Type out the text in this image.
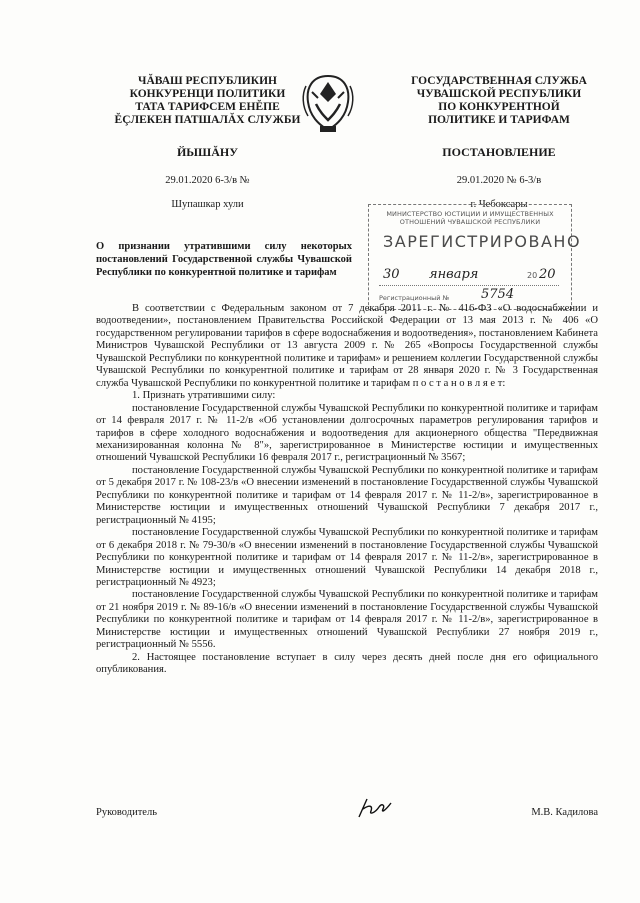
ЧĂВАШ РЕСПУБЛИКИН
КОНКУРЕНЦИ ПОЛИТИКИ
ТАТА ТАРИФСЕМ ЕНĔПЕ
ĔÇЛЕКЕН ПАТШАЛĂХ СЛУЖБИ
ЙЫШĂНУ
29.01.2020 6-3/в №
Шупашкар хули
ГОСУДАРСТВЕННАЯ СЛУЖБА
ЧУВАШСКОЙ РЕСПУБЛИКИ
ПО КОНКУРЕНТНОЙ
ПОЛИТИКЕ И ТАРИФАМ
ПОСТАНОВЛЕНИЕ
29.01.2020 № 6-3/в
г. Чебоксары
МИНИСТЕРСТВО ЮСТИЦИИ И ИМУЩЕСТВЕННЫХ ОТНОШЕНИЙ ЧУВАШСКОЙ РЕСПУБЛИКИ
ЗАРЕГИСТРИРОВАНО
30 января	20 20
Регистрационный № 5754
О признании утратившими силу некоторых постановлений Государственной службы Чувашской Республики по конкурентной политике и тарифам

В соответствии с Федеральным законом от 7 декабря 2011 г. № 416-ФЗ «О водоснабжении и водоотведении», постановлением Правительства Российской Федерации от 13 мая 2013 г. № 406 «О государственном регулировании тарифов в сфере водоснабжения и водоотведения», постановлением Кабинета Министров Чувашской Республики от 13 августа 2009 г. № 265 «Вопросы Государственной службы Чувашской Республики по конкурентной политике и тарифам» и решением коллегии Государственной службы Чувашской Республики по конкурентной политике и тарифам от 28 января 2020 г. № 3 Государственная служба Чувашской Республики по конкурентной политике и тарифам п о с т а н о в л я е т:

1. Признать утратившими силу:

постановление Государственной службы Чувашской Республики по конкурентной политике и тарифам от 14 февраля 2017 г. № 11-2/в «Об установлении долгосрочных параметров регулирования тарифов и тарифов в сфере холодного водоснабжения и водоотведения для акционерного общества "Передвижная механизированная колонна № 8"», зарегистрированное в Министерстве юстиции и имущественных отношений Чувашской Республики 16 февраля 2017 г., регистрационный № 3567;

постановление Государственной службы Чувашской Республики по конкурентной политике и тарифам от 5 декабря 2017 г. № 108-23/в «О внесении изменений в постановление Государственной службы Чувашской Республики по конкурентной политике и тарифам от 14 февраля 2017 г. № 11-2/в», зарегистрированное в Министерстве юстиции и имущественных отношений Чувашской Республики 7 декабря 2017 г., регистрационный № 4195;

постановление Государственной службы Чувашской Республики по конкурентной политике и тарифам от 6 декабря 2018 г. № 79-30/в «О внесении изменений в постановление Государственной службы Чувашской Республики по конкурентной политике и тарифам от 14 февраля 2017 г. № 11-2/в», зарегистрированное в Министерстве юстиции и имущественных отношений Чувашской Республики 14 декабря 2018 г., регистрационный № 4923;

постановление Государственной службы Чувашской Республики по конкурентной политике и тарифам от 21 ноября 2019 г. № 89-16/в «О внесении изменений в постановление Государственной службы Чувашской Республики по конкурентной политике и тарифам от 14 февраля 2017 г. № 11-2/в», зарегистрированное в Министерстве юстиции и имущественных отношений Чувашской Республики 27 ноября 2019 г., регистрационный № 5556.

2. Настоящее постановление вступает в силу через десять дней после дня его официального опубликования.

Руководитель	М.В. Кадилова
